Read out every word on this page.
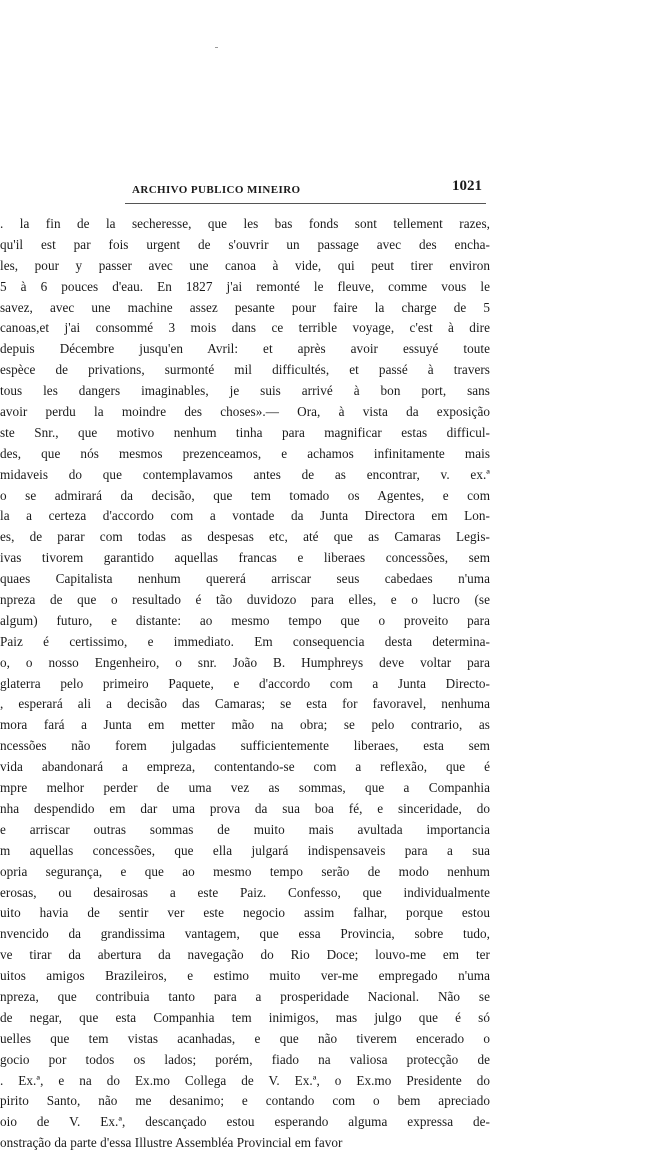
ARCHIVO PUBLICO MINEIRO	1021
. la fin de la secheresse, que les bas fonds sont tellement razes,
qu'il est par fois urgent de s'ouvrir un passage avec des encha-
les, pour y passer avec une canoa à vide, qui peut tirer environ
5 à 6 pouces d'eau. En 1827 j'ai remonté le fleuve, comme vous le
savez, avec une machine assez pesante pour faire la charge de 5
canoas,et j'ai consommé 3 mois dans ce terrible voyage, c'est à dire
depuis Décembre jusqu'en Avril: et après avoir essuyé toute
espèce de privations, surmonté mil difficultés, et passé à travers
tous les dangers imaginables, je suis arrivé à bon port, sans
avoir perdu la moindre des choses».— Ora, à vista da exposição
ste Snr., que motivo nenhum tinha para magnificar estas difficul-
des, que nós mesmos prezenceamos, e achamos infinitamente mais
midaveis do que contemplavamos antes de as encontrar, v. ex.ª
o se admirará da decisão, que tem tomado os Agentes, e com
la a certeza d'accordo com a vontade da Junta Directora em Lon-
es, de parar com todas as despesas etc, até que as Camaras Legis-
ivas tivorem garantido aquellas francas e liberaes concessões, sem
quaes Capitalista nenhum quererá arriscar seus cabedaes n'uma
npreza de que o resultado é tão duvidozo para elles, e o lucro (se
algum) futuro, e distante: ao mesmo tempo que o proveito para
Paiz é certissimo, e immediato. Em consequencia desta determina-
o, o nosso Engenheiro, o snr. João B. Humphreys deve voltar para
glaterra pelo primeiro Paquete, e d'accordo com a Junta Directo-
, esperará ali a decisão das Camaras; se esta for favoravel, nenhuma
mora fará a Junta em metter mão na obra; se pelo contrario, as
ncessões não forem julgadas sufficientemente liberaes, esta sem
vida abandonará a empreza, contentando-se com a reflexão, que é
mpre melhor perder de uma vez as sommas, que a Companhia
nha despendido em dar uma prova da sua boa fé, e sinceridade, do
e arriscar outras sommas de muito mais avultada importancia
m aquellas concessões, que ella julgará indispensaveis para a sua
opria segurança, e que ao mesmo tempo serão de modo nenhum
erosas, ou desairosas a este Paiz. Confesso, que individualmente
uito havia de sentir ver este negocio assim falhar, porque estou
nvencido da grandissima vantagem, que essa Provincia, sobre tudo,
ve tirar da abertura da navegação do Rio Doce; louvo-me em ter
uitos amigos Brazileiros, e estimo muito ver-me empregado n'uma
npreza, que contribuia tanto para a prosperidade Nacional. Não se
de negar, que esta Companhia tem inimigos, mas julgo que é só
uelles que tem vistas acanhadas, e que não tiverem encerado o
gocio por todos os lados; porém, fiado na valiosa protecção de
. Ex.ª, e na do Ex.mo Collega de V. Ex.ª, o Ex.mo Presidente do
pirito Santo, não me desanimo; e contando com o bem apreciado
oio de V. Ex.ª, descançado estou esperando alguma expressa de-
onstração da parte d'essa Illustre Assembléa Provincial em favor
